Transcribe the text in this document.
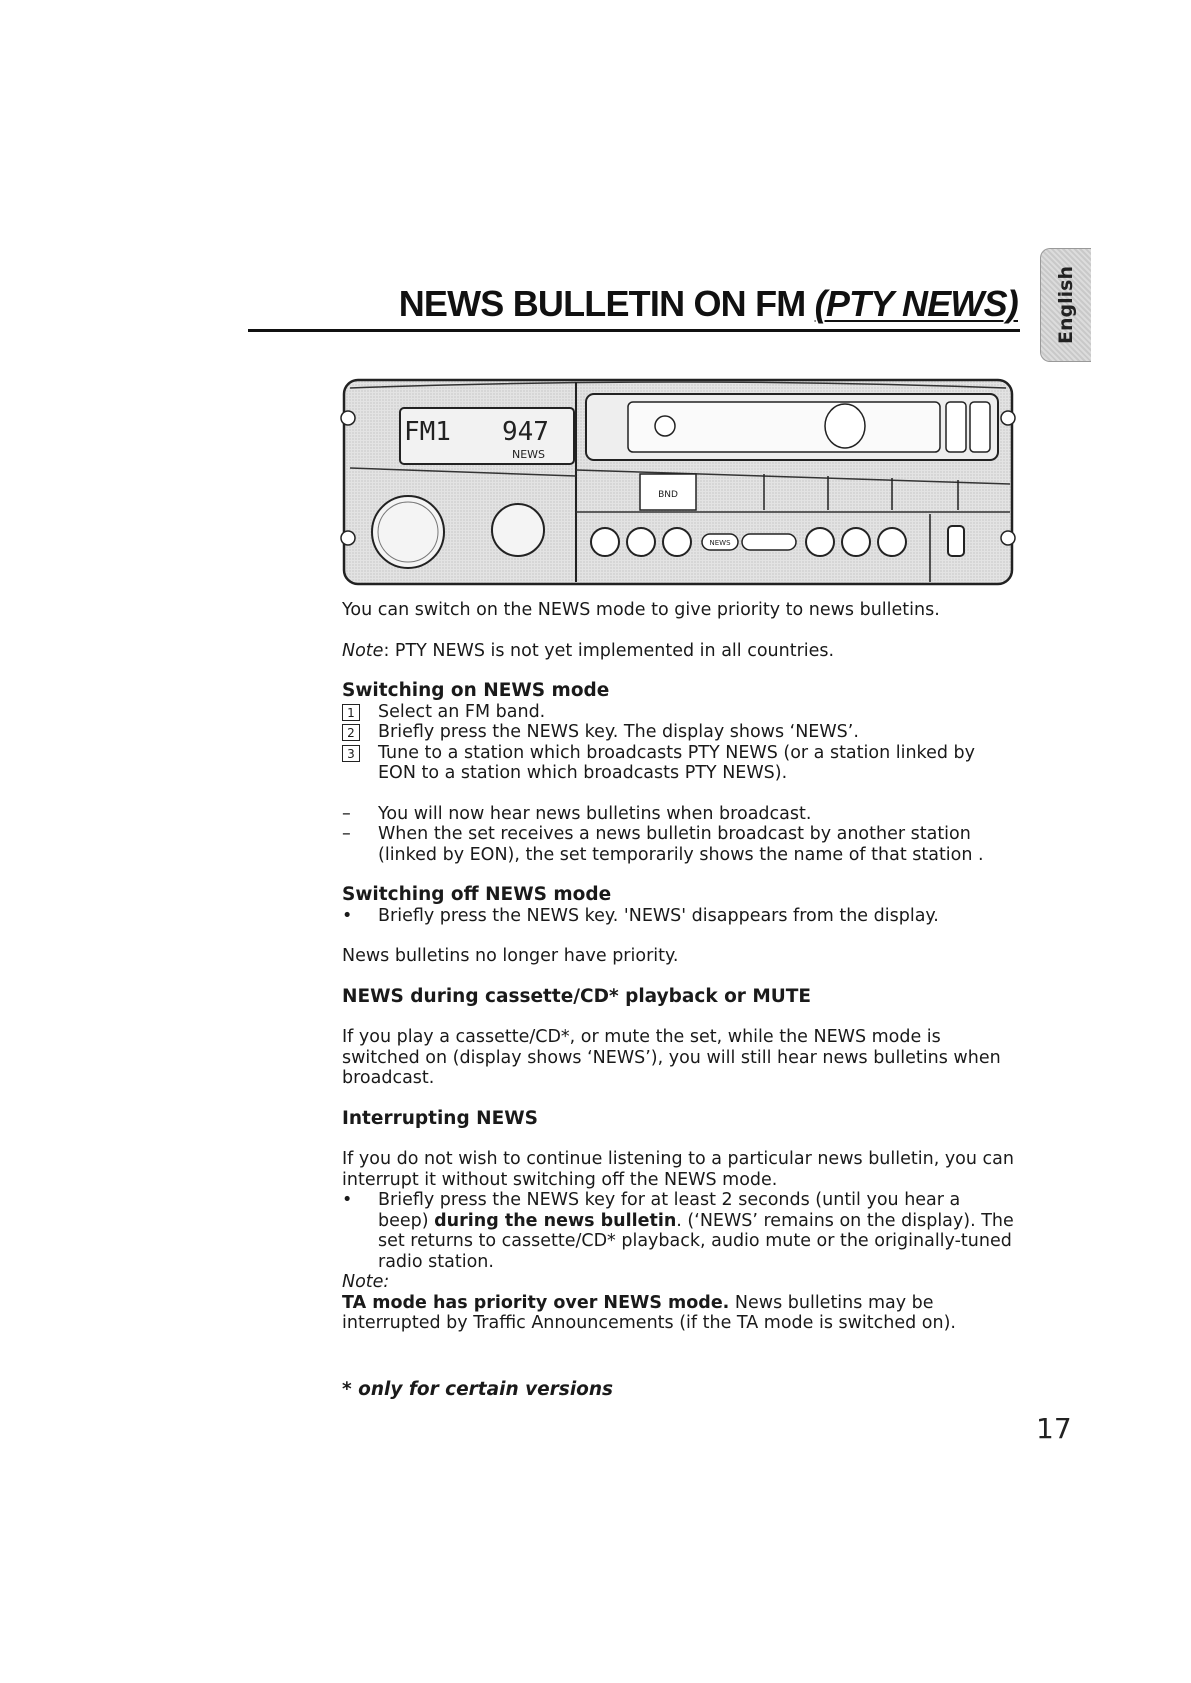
NEWS BULLETIN ON FM (PTY NEWS) English
FM1 947
NEWS
BND
NEWS

You can switch on the NEWS mode to give priority to news bulletins.

Note: PTY NEWS is not yet implemented in all countries.

Switching on NEWS mode
1	Select an FM band.
2	Briefly press the NEWS key. The display shows ‘NEWS’.
3	Tune to a station which broadcasts PTY NEWS (or a station linked by EON to a station which broadcasts PTY NEWS).
–	You will now hear news bulletins when broadcast.
–	When the set receives a news bulletin broadcast by another station (linked by EON), the set temporarily shows the name of that station .
Switching off NEWS mode
•	Briefly press the NEWS key. 'NEWS' disappears from the display.

News bulletins no longer have priority.

NEWS during cassette/CD* playback or MUTE

If you play a cassette/CD*, or mute the set, while the NEWS mode is switched on (display shows ‘NEWS’), you will still hear news bulletins when broadcast.

Interrupting NEWS

If you do not wish to continue listening to a particular news bulletin, you can interrupt it without switching off the NEWS mode.

•	Briefly press the NEWS key for at least 2 seconds (until you hear a beep) during the news bulletin. (‘NEWS’ remains on the display). The set returns to cassette/CD* playback, audio mute or the originally-tuned radio station.

Note:

TA mode has priority over NEWS mode. News bulletins may be interrupted by Traffic Announcements (if the TA mode is switched on).

* only for certain versions

17
